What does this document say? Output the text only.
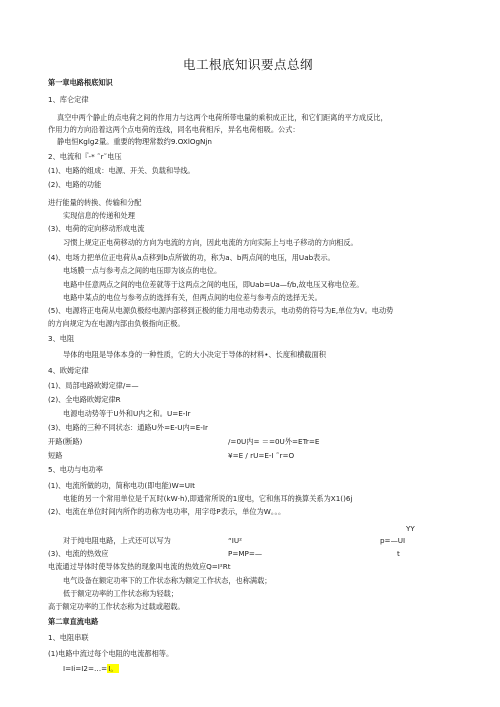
电工根底知识要点总纲
第一章电路根底知识
1、库仑定律
真空中两个静止的点电荷之间的作用力与这两个电荷所带电量的乘积成正比，和它们距离的平方成反比，
作用力的方向沿着这两个点电荷的连线，同名电荷相斥，异名电荷相吸。公式：
静电恒Kglg2量。重要的物理常数约9.OXlOgNjn
2、电流和『-* ˜r˜电压
(1)、电路的组成：电源、开关、负载和导线。
(2)、电路的功能
进行能量的转换、传输和分配
实现信息的传递和处理
(3)、电荷的定向移动形成电流
习惯上规定正电荷移动的方向为电流的方向，因此电流的方向实际上与电子移动的方向相反。
(4)、电场力把单位正电荷从a点移到b点所做的功，称为a、b两点间的电压，用Uab表示。
电场膜一点与参考点之间的电压即为该点的电位。
电路中任意两点之间的电位差就等于这两点之间的电压，即Uab=Ua—f/b,故电压又称电位差。
电路中某点的电位与参考点的选择有关，但两点间的电位差与参考点的选择无关。
(5)、电源将正电荷从电源负极经电源内部移到正极的能力用电动势表示，电动势的符号为E,单位为V。电动势
的方向规定为在电源内部由负极指向正极。
3、电阻
导体的电阻是导体本身的一种性质，它的大小决定于导体的材料•、长度和横截面积
4、欧姆定律
(1)、局部电路欧姆定律/=—
(2)、全电路欧姆定律R
电源电动势等于U外和U内之和。U=E-Ir
(3)、电路的三种不同状态：通路U外=E-U内=E-Ir
开路(断路)	/=0U内= ＝=0U外=ETr=E
短路	¥=E / rU=E-I ˜r=O
5、电功与电功率
(1)、电流所做的功，简称电功(即电能)W=UIt
电能的另一个常用单位是千瓦时(kW·h),即通常所说的1度电，它和焦耳的换算关系为X1()6j
(2)、电流在单位时间内所作的功称为电功率，用字母P表示，单位为W。。。
YY
对于纯电阻电路，上式还可以写为	“IU²	p=—UI
(3)、电流的热效应	P=MP=—	t
电流通过导体时使导体发热的现象叫电流的热效应Q=I²Rt
电气设备在额定功率下的工作状态称为额定工作状态，也称满载；
低于额定功率的工作状态称为轻载；
高于额定功率的工作状态称为过载或超载。
第二章直流电路
1、电阻串联
(1)电路中流过每个电阻的电流都相等。
I=Ii=I2=…=I。
